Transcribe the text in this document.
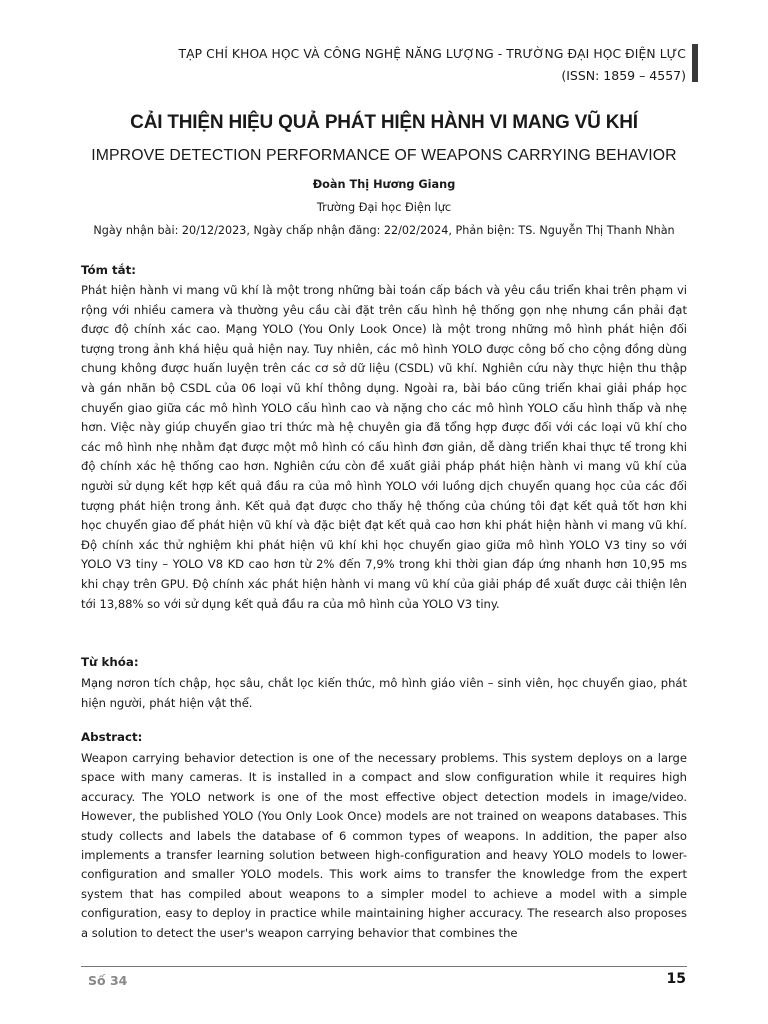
TẠP CHÍ KHOA HỌC VÀ CÔNG NGHỆ NĂNG LƯỢNG - TRƯỜNG ĐẠI HỌC ĐIỆN LỰC
(ISSN: 1859 – 4557)
CẢI THIỆN HIỆU QUẢ PHÁT HIỆN HÀNH VI MANG VŨ KHÍ
IMPROVE DETECTION PERFORMANCE OF WEAPONS CARRYING BEHAVIOR
Đoàn Thị Hương Giang
Trường Đại học Điện lực
Ngày nhận bài: 20/12/2023, Ngày chấp nhận đăng: 22/02/2024, Phản biện: TS. Nguyễn Thị Thanh Nhàn
Tóm tắt:
Phát hiện hành vi mang vũ khí là một trong những bài toán cấp bách và yêu cầu triển khai trên phạm vi rộng với nhiều camera và thường yêu cầu cài đặt trên cấu hình hệ thống gọn nhẹ nhưng cần phải đạt được độ chính xác cao. Mạng YOLO (You Only Look Once) là một trong những mô hình phát hiện đối tượng trong ảnh khá hiệu quả hiện nay. Tuy nhiên, các mô hình YOLO được công bố cho cộng đồng dùng chung không được huấn luyện trên các cơ sở dữ liệu (CSDL) vũ khí. Nghiên cứu này thực hiện thu thập và gán nhãn bộ CSDL của 06 loại vũ khí thông dụng. Ngoài ra, bài báo cũng triển khai giải pháp học chuyển giao giữa các mô hình YOLO cấu hình cao và nặng cho các mô hình YOLO cấu hình thấp và nhẹ hơn. Việc này giúp chuyển giao tri thức mà hệ chuyên gia đã tổng hợp được đối với các loại vũ khí cho các mô hình nhẹ nhằm đạt được một mô hình có cấu hình đơn giản, dễ dàng triển khai thực tế trong khi độ chính xác hệ thống cao hơn. Nghiên cứu còn đề xuất giải pháp phát hiện hành vi mang vũ khí của người sử dụng kết hợp kết quả đầu ra của mô hình YOLO với luồng dịch chuyển quang học của các đối tượng phát hiện trong ảnh. Kết quả đạt được cho thấy hệ thống của chúng tôi đạt kết quả tốt hơn khi học chuyển giao để phát hiện vũ khí và đặc biệt đạt kết quả cao hơn khi phát hiện hành vi mang vũ khí. Độ chính xác thử nghiệm khi phát hiện vũ khí khi học chuyển giao giữa mô hình YOLO V3 tiny so với YOLO V3 tiny – YOLO V8 KD cao hơn từ 2% đến 7,9% trong khi thời gian đáp ứng nhanh hơn 10,95 ms khi chạy trên GPU. Độ chính xác phát hiện hành vi mang vũ khí của giải pháp đề xuất được cải thiện lên tới 13,88% so với sử dụng kết quả đầu ra của mô hình của YOLO V3 tiny.
Từ khóa:
Mạng nơron tích chập, học sâu, chắt lọc kiến thức, mô hình giáo viên – sinh viên, học chuyển giao, phát hiện người, phát hiện vật thể.
Abstract:
Weapon carrying behavior detection is one of the necessary problems. This system deploys on a large space with many cameras. It is installed in a compact and slow configuration while it requires high accuracy. The YOLO network is one of the most effective object detection models in image/video. However, the published YOLO (You Only Look Once) models are not trained on weapons databases. This study collects and labels the database of 6 common types of weapons. In addition, the paper also implements a transfer learning solution between high-configuration and heavy YOLO models to lower-configuration and smaller YOLO models. This work aims to transfer the knowledge from the expert system that has compiled about weapons to a simpler model to achieve a model with a simple configuration, easy to deploy in practice while maintaining higher accuracy. The research also proposes a solution to detect the user's weapon carrying behavior that combines the
Số 34	15
